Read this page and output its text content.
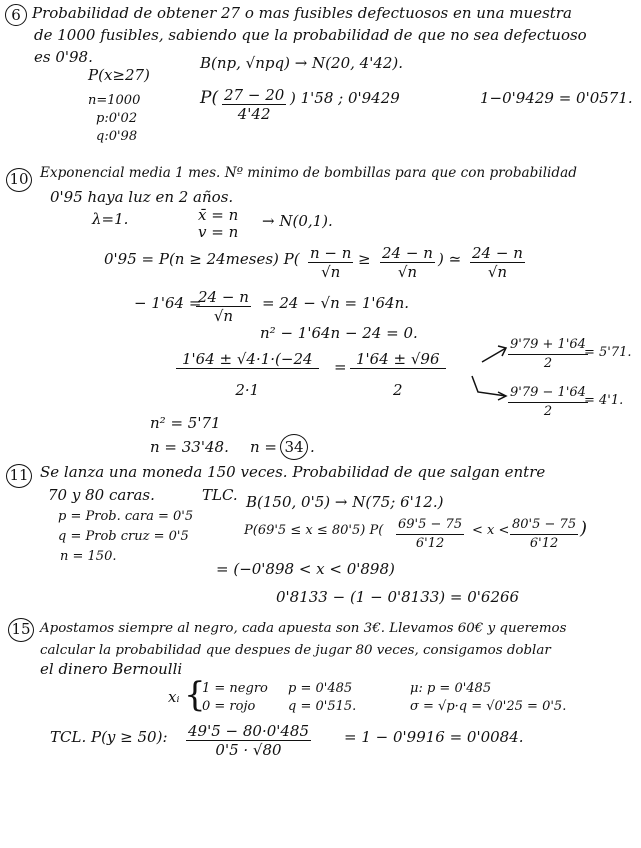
6 Probabilidad de obtener 27 o mas fusibles defectuosos en una muestra
de 1000 fusibles, sabiendo que la probabilidad de que no sea defectuoso
es 0'98.
P(x≥27)
B(np, √npq) → N(20, 4'42).
n=1000
p:0'02
q:0'98
$P( \frac{27 - 20}{4'42}$ ) 1'58 ; 0'9429	1−0'9429 = 0'0571.
10 Exponencial media 1 mes. Nº minimo de bombillas para que con probabilidad
0'95 haya luz en 2 años.
λ=1.	x̄ = n
v = n
→ N(0,1).
0'95 = P(n ≥ 24meses) $P( \frac{n - n}{√n} \ge \frac{24 - n}{√n}$ ) ≃ $\frac{24 - n}{√n}$
− 1'64 =
$\frac{24 - n}{√n} = 24 - √n = 1'64n$.
n² − 1'64n − 24 = 0.
$\frac{1'64 \pm √4\cdot 1\cdot(-24}{2\cdot 1} = \frac{1'64 \pm √96}{2}$	$\frac{9'79 + 1'64}{2}$
= 5'71.
$\frac{9'79 - 1'64}{2}$
= 4'1.
n² = 5'71
n = 33'48. n = 34 .
11 Se lanza una moneda 150 veces. Probabilidad de que salgan entre
70 y 80 caras.	TLC. B(150, 0'5) → N(75; 6'12.)
p = Prob. cara = 0'5
q = Prob cruz = 0'5
n = 150.
P(69'5 ≤ x ≤ 80'5) $P( \frac{69'5 - 75}{6'12} < x < \frac{80'5 - 75}{6'12}$ )
= (−0'898 < x < 0'898)
0'8133 − (1 − 0'8133) = 0'6266
15 Apostamos siempre al negro, cada apuesta son 3€. Llevamos 60€ y queremos
calcular la probabilidad que despues de jugar 80 veces, consigamos doblar
el dinero Bernoulli
xᵢ {
1 = negro
0 = rojo
p = 0'485
q = 0'515.
μ: p = 0'485
σ = √p·q = √0'25 = 0'5.
TCL. P(y ≥ 50): $\frac{49'5 - 80\cdot 0'485}{0'5 \cdot √80} = 1 - 0'9916 = 0'0084$.
